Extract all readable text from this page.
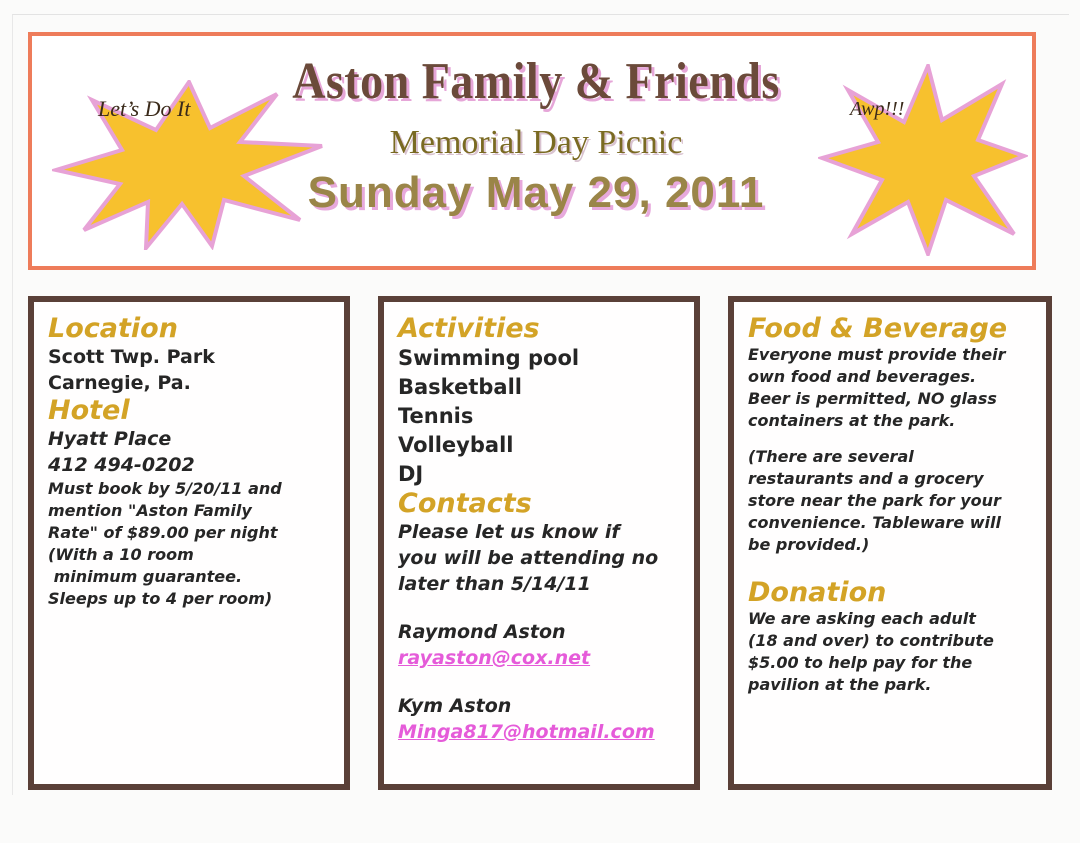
Aston Family & Friends
Memorial Day Picnic
Sunday May 29, 2011
Let’s Do It	Awp!!!
Location
Scott Twp. Park
Carnegie, Pa.
Hotel
Hyatt Place
412 494-0202
Must book by 5/20/11 and
mention "Aston Family
Rate" of $89.00 per night
(With a 10 room
minimum guarantee.
Sleeps up to 4 per room)
Activities
Swimming pool
Basketball
Tennis
Volleyball
DJ
Contacts
Please let us know if
you will be attending no
later than 5/14/11
Raymond Aston
rayaston@cox.net
Kym Aston
Minga817@hotmail.com
Food & Beverage
Everyone must provide their
own food and beverages.
Beer is permitted, NO glass
containers at the park.
(There are several
restaurants and a grocery
store near the park for your
convenience. Tableware will
be provided.)
Donation
We are asking each adult
(18 and over) to contribute
$5.00 to help pay for the
pavilion at the park.
